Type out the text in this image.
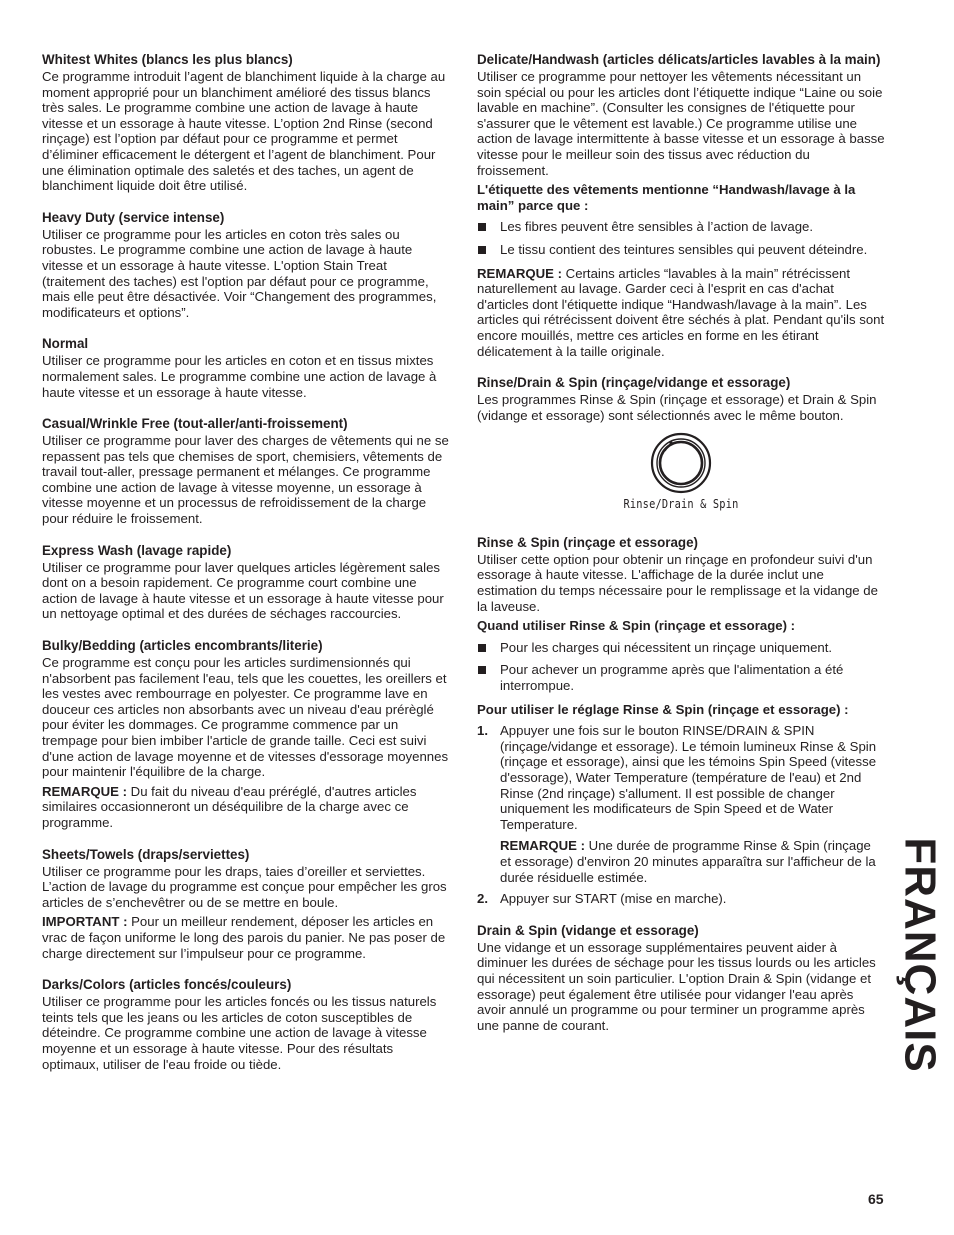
Whitest Whites (blancs les plus blancs)

Ce programme introduit l’agent de blanchiment liquide à la charge au moment approprié pour un blanchiment amélioré des tissus blancs très sales. Le programme combine une action de lavage à haute vitesse et un essorage à haute vitesse. L’option 2nd Rinse (second rinçage) est l’option par défaut pour ce programme et permet d’éliminer efficacement le détergent et l’agent de blanchiment. Pour une élimination optimale des saletés et des taches, un agent de blanchiment liquide doit être utilisé.

Heavy Duty (service intense)

Utiliser ce programme pour les articles en coton très sales ou robustes. Le programme combine une action de lavage à haute vitesse et un essorage à haute vitesse. L'option Stain Treat (traitement des taches) est l'option par défaut pour ce programme, mais elle peut être désactivée. Voir “Changement des programmes, modificateurs et options”.

Normal

Utiliser ce programme pour les articles en coton et en tissus mixtes normalement sales. Le programme combine une action de lavage à haute vitesse et un essorage à haute vitesse.

Casual/Wrinkle Free (tout-aller/anti-froissement)

Utiliser ce programme pour laver des charges de vêtements qui ne se repassent pas tels que chemises de sport, chemisiers, vêtements de travail tout-aller, pressage permanent et mélanges. Ce programme combine une action de lavage à vitesse moyenne, un essorage à vitesse moyenne et un processus de refroidissement de la charge pour réduire le froissement.

Express Wash (lavage rapide)

Utiliser ce programme pour laver quelques articles légèrement sales dont on a besoin rapidement. Ce programme court combine une action de lavage à haute vitesse et un essorage à haute vitesse pour un nettoyage optimal et des durées de séchages raccourcies.

Bulky/Bedding (articles encombrants/literie)

Ce programme est conçu pour les articles surdimensionnés qui n'absorbent pas facilement l'eau, tels que les couettes, les oreillers et les vestes avec rembourrage en polyester. Ce programme lave en douceur ces articles non absorbants avec un niveau d'eau prérèglé pour éviter les dommages. Ce programme commence par un trempage pour bien imbiber l'article de grande taille. Ceci est suivi d'une action de lavage moyenne et de vitesses d'essorage moyennes pour maintenir l'équilibre de la charge.

REMARQUE : Du fait du niveau d'eau préréglé, d'autres articles similaires occasionneront un déséquilibre de la charge avec ce programme.

Sheets/Towels (draps/serviettes)

Utiliser ce programme pour les draps, taies d’oreiller et serviettes. L’action de lavage du programme est conçue pour empêcher les gros articles de s’enchevêtrer ou de se mettre en boule.

IMPORTANT : Pour un meilleur rendement, déposer les articles en vrac de façon uniforme le long des parois du panier. Ne pas poser de charge directement sur l’impulseur pour ce programme.

Darks/Colors (articles foncés/couleurs)

Utiliser ce programme pour les articles foncés ou les tissus naturels teints tels que les jeans ou les articles de coton susceptibles de déteindre. Ce programme combine une action de lavage à vitesse moyenne et un essorage à haute vitesse. Pour des résultats optimaux, utiliser de l'eau froide ou tiède.

Delicate/Handwash (articles délicats/articles lavables à la main)

Utiliser ce programme pour nettoyer les vêtements nécessitant un soin spécial ou pour les articles dont l’étiquette indique “Laine ou soie lavable en machine”. (Consulter les consignes de l'étiquette pour s'assurer que le vêtement est lavable.) Ce programme utilise une action de lavage intermittente à basse vitesse et un essorage à basse vitesse pour le meilleur soin des tissus avec réduction du froissement.

L'étiquette des vêtements mentionne “Handwash/lavage à la main” parce que :

Les fibres peuvent être sensibles à l’action de lavage.
Le tissu contient des teintures sensibles qui peuvent déteindre.

REMARQUE : Certains articles “lavables à la main” rétrécissent naturellement au lavage. Garder ceci à l'esprit en cas d'achat d'articles dont l'étiquette indique “Handwash/lavage à la main”. Les articles qui rétrécissent doivent être séchés à plat. Pendant qu'ils sont encore mouillés, mettre ces articles en forme en les étirant délicatement à la taille originale.

Rinse/Drain & Spin (rinçage/vidange et essorage)

Les programmes Rinse & Spin (rinçage et essorage) et Drain & Spin (vidange et essorage) sont sélectionnés avec le même bouton.

Rinse/Drain & Spin
Rinse & Spin (rinçage et essorage)

Utiliser cette option pour obtenir un rinçage en profondeur suivi d'un essorage à haute vitesse. L'affichage de la durée inclut une estimation du temps nécessaire pour le remplissage et la vidange de la laveuse.

Quand utiliser Rinse & Spin (rinçage et essorage) :

Pour les charges qui nécessitent un rinçage uniquement.
Pour achever un programme après que l'alimentation a été interrompue.

Pour utiliser le réglage Rinse & Spin (rinçage et essorage) :

1. Appuyer une fois sur le bouton RINSE/DRAIN & SPIN (rinçage/vidange et essorage). Le témoin lumineux Rinse & Spin (rinçage et essorage), ainsi que les témoins Spin Speed (vitesse d'essorage), Water Temperature (température de l'eau) et 2nd Rinse (2nd rinçage) s'allument. Il est possible de changer uniquement les modificateurs de Spin Speed et de Water Temperature.

REMARQUE : Une durée de programme Rinse & Spin (rinçage et essorage) d'environ 20 minutes apparaîtra sur l'afficheur de la durée résiduelle estimée.

2. Appuyer sur START (mise en marche).

Drain & Spin (vidange et essorage)

Une vidange et un essorage supplémentaires peuvent aider à diminuer les durées de séchage pour les tissus lourds ou les articles qui nécessitent un soin particulier. L'option Drain & Spin (vidange et essorage) peut également être utilisée pour vidanger l'eau après avoir annulé un programme ou pour terminer un programme après une panne de courant.	FRANÇAIS
65
